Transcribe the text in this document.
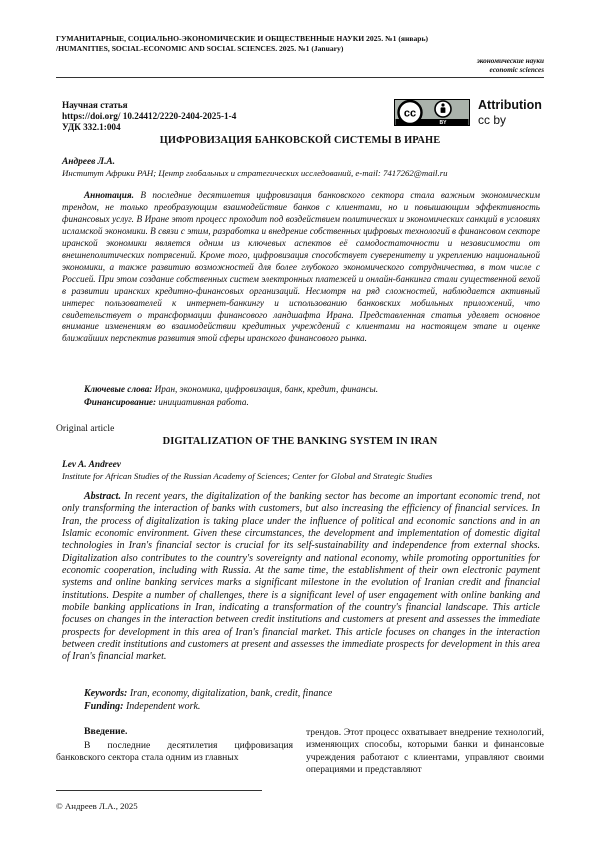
ГУМАНИТАРНЫЕ, СОЦИАЛЬНО-ЭКОНОМИЧЕСКИЕ И ОБЩЕСТВЕННЫЕ НАУКИ 2025. №1 (январь)
/HUMANITIES, SOCIAL-ECONOMIC AND SOCIAL SCIENCES. 2025. №1 (January)
экономические науки
economic sciences
Научная статья
https://doi.org/ 10.24412/2220-2404-2025-1-4
УДК 332.1:004
cc
BY
Attribution
cc by
ЦИФРОВИЗАЦИЯ БАНКОВСКОЙ СИСТЕМЫ В ИРАНЕ
Андреев Л.А.
Институт Африки РАН; Центр глобальных и стратегических исследований, e-mail: 7417262@mail.ru
Аннотация. В последние десятилетия цифровизация банковского сектора стала важным экономическим трендом, не только преобразующим взаимодействие банков с клиентами, но и повышающим эффективность финансовых услуг. В Иране этот процесс проходит под воздействием политических и экономических санкций в условиях исламской экономики. В связи с этим, разработка и внедрение собственных цифровых технологий в финансовом секторе иранской экономики является одним из ключевых аспектов её самодостаточности и независимости от внешнеполитических потрясений. Кроме того, цифровизация способствует суверенитету и укреплению национальной экономики, а также развитию возможностей для более глубокого экономического сотрудничества, в том числе с Россией. При этом создание собственных систем электронных платежей и онлайн-банкинга стали существенной вехой в развитии иранских кредитно-финансовых организаций. Несмотря на ряд сложностей, наблюдается активный интерес пользователей к интернет-банкингу и использованию банковских мобильных приложений, что свидетельствует о трансформации финансового ландшафта Ирана. Представленная статья уделяет основное внимание изменениям во взаимодействии кредитных учреждений с клиентами на настоящем этапе и оценке ближайших перспектив развития этой сферы иранского финансового рынка.
Ключевые слова: Иран, экономика, цифровизация, банк, кредит, финансы.
Финансирование: инициативная работа.
Original article
DIGITALIZATION OF THE BANKING SYSTEM IN IRAN
Lev A. Andreev
Institute for African Studies of the Russian Academy of Sciences; Center for Global and Strategic Studies
Abstract. In recent years, the digitalization of the banking sector has become an important economic trend, not only transforming the interaction of banks with customers, but also increasing the efficiency of financial services. In Iran, the process of digitalization is taking place under the influence of political and economic sanctions and in an Islamic economic environment. Given these circumstances, the development and implementation of domestic digital technologies in Iran's financial sector is crucial for its self-sustainability and independence from external shocks. Digitalization also contributes to the country's sovereignty and national economy, while promoting opportunities for economic cooperation, including with Russia. At the same time, the establishment of their own electronic payment systems and online banking services marks a significant milestone in the evolution of Iranian credit and financial institutions. Despite a number of challenges, there is a significant level of user engagement with online banking and mobile banking applications in Iran, indicating a transformation of the country's financial landscape. This article focuses on changes in the interaction between credit institutions and customers at present and assesses the immediate prospects for development in this area of Iran's financial market. This article focuses on changes in the interaction between credit institutions and customers at present and assesses the immediate prospects for development in this area of Iran's financial market.
Keywords: Iran, economy, digitalization, bank, credit, finance
Funding: Independent work.
Введение.
В последние десятилетия цифровизация банковского сектора стала одним из главных
трендов. Этот процесс охватывает внедрение технологий, изменяющих способы, которыми банки и финансовые учреждения работают с клиентами, управляют своими операциями и представляют
© Андреев Л.А., 2025
